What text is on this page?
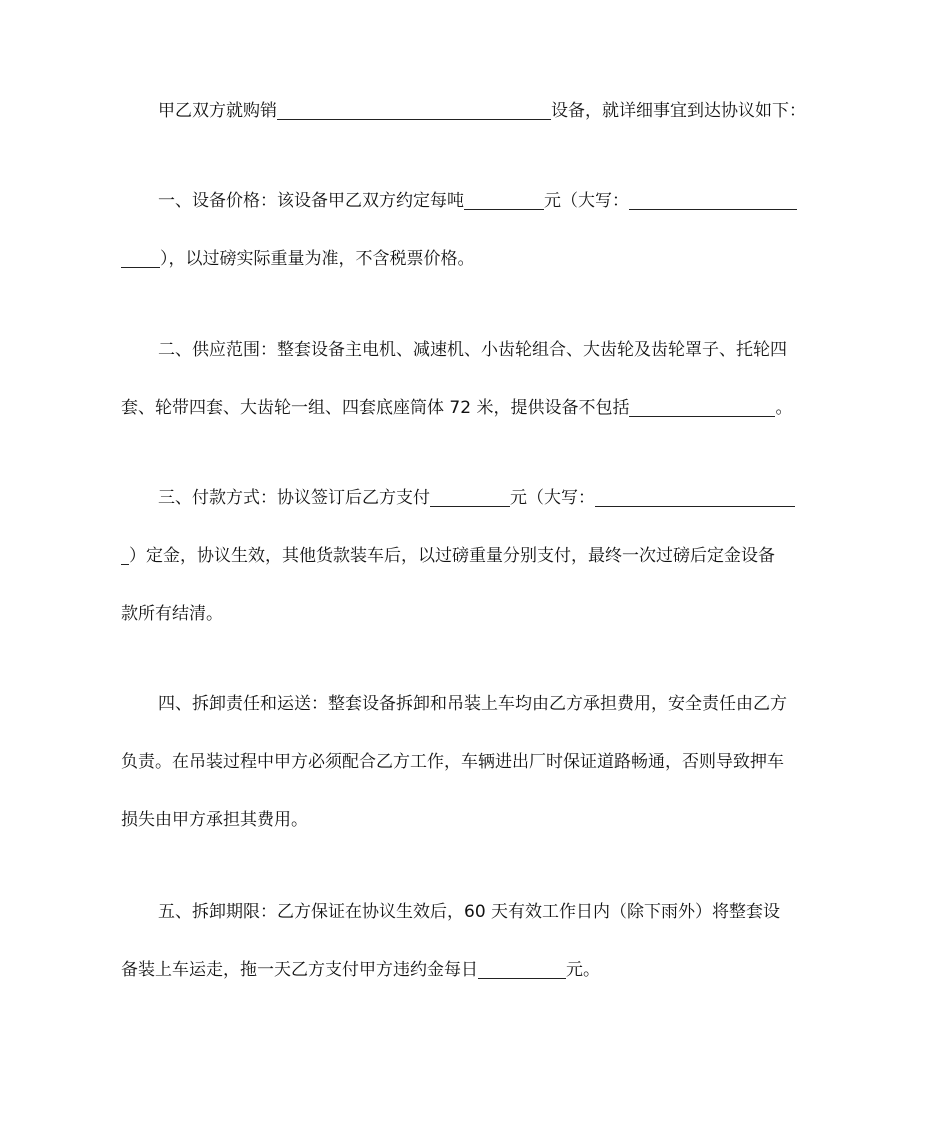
甲乙双方就购销	设备，就详细事宜到达协议如下：
一、设备价格：该设备甲乙双方约定每吨	元（大写：
），以过磅实际重量为准，不含税票价格。
二、供应范围：整套设备主电机、减速机、小齿轮组合、大齿轮及齿轮罩子、托轮四
套、轮带四套、大齿轮一组、四套底座筒体 72 米，提供设备不包括	。
三、付款方式：协议签订后乙方支付	元（大写：
）定金，协议生效，其他货款装车后，以过磅重量分别支付，最终一次过磅后定金设备
款所有结清。
四、拆卸责任和运送：整套设备拆卸和吊装上车均由乙方承担费用，安全责任由乙方
负责。在吊装过程中甲方必须配合乙方工作，车辆进出厂时保证道路畅通，否则导致押车
损失由甲方承担其费用。
五、拆卸期限：乙方保证在协议生效后，60 天有效工作日内（除下雨外）将整套设
备装上车运走，拖一天乙方支付甲方违约金每日	元。
